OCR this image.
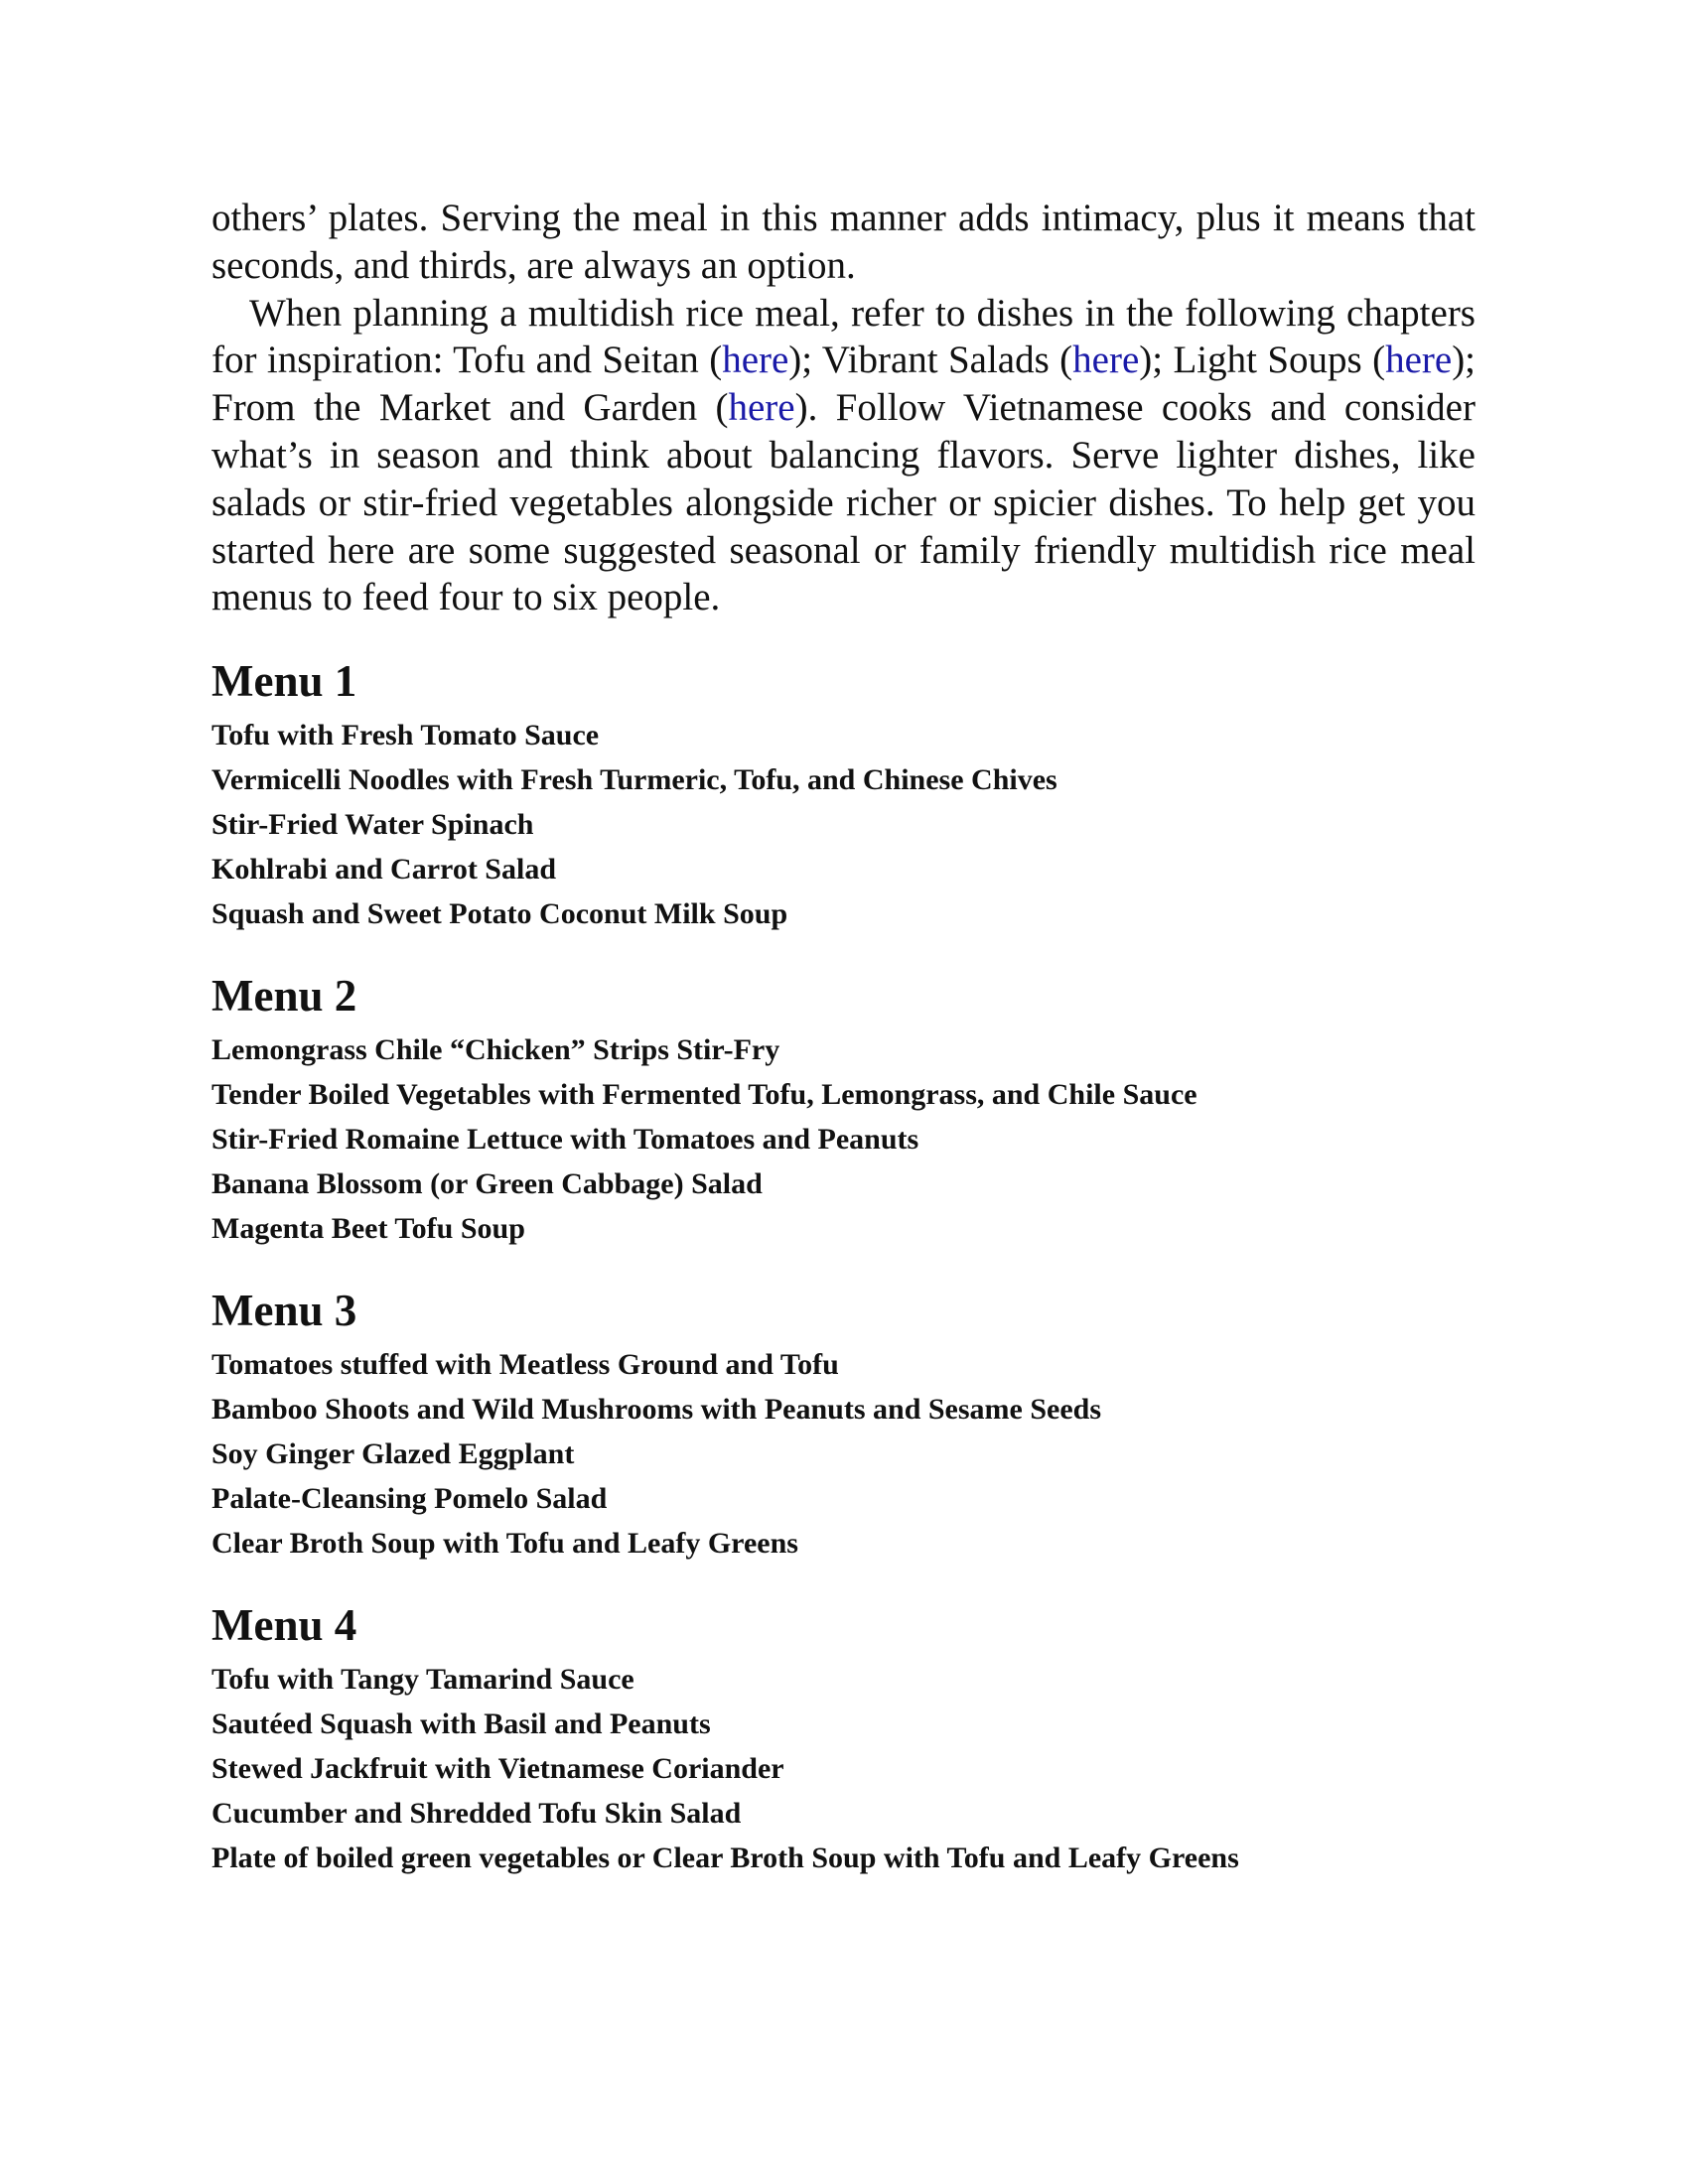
others’ plates. Serving the meal in this manner adds intimacy, plus it means that seconds, and thirds, are always an option.

When planning a multidish rice meal, refer to dishes in the following chapters for inspiration: Tofu and Seitan (here); Vibrant Salads (here); Light Soups (here); From the Market and Garden (here). Follow Vietnamese cooks and consider what’s in season and think about balancing flavors. Serve lighter dishes, like salads or stir-fried vegetables alongside richer or spicier dishes. To help get you started here are some suggested seasonal or family friendly multidish rice meal menus to feed four to six people.

Menu 1
Tofu with Fresh Tomato Sauce
Vermicelli Noodles with Fresh Turmeric, Tofu, and Chinese Chives
Stir-Fried Water Spinach
Kohlrabi and Carrot Salad
Squash and Sweet Potato Coconut Milk Soup
Menu 2
Lemongrass Chile “Chicken” Strips Stir-Fry
Tender Boiled Vegetables with Fermented Tofu, Lemongrass, and Chile Sauce
Stir-Fried Romaine Lettuce with Tomatoes and Peanuts
Banana Blossom (or Green Cabbage) Salad
Magenta Beet Tofu Soup
Menu 3
Tomatoes stuffed with Meatless Ground and Tofu
Bamboo Shoots and Wild Mushrooms with Peanuts and Sesame Seeds
Soy Ginger Glazed Eggplant
Palate-Cleansing Pomelo Salad
Clear Broth Soup with Tofu and Leafy Greens
Menu 4
Tofu with Tangy Tamarind Sauce
Sautéed Squash with Basil and Peanuts
Stewed Jackfruit with Vietnamese Coriander
Cucumber and Shredded Tofu Skin Salad
Plate of boiled green vegetables or Clear Broth Soup with Tofu and Leafy Greens
